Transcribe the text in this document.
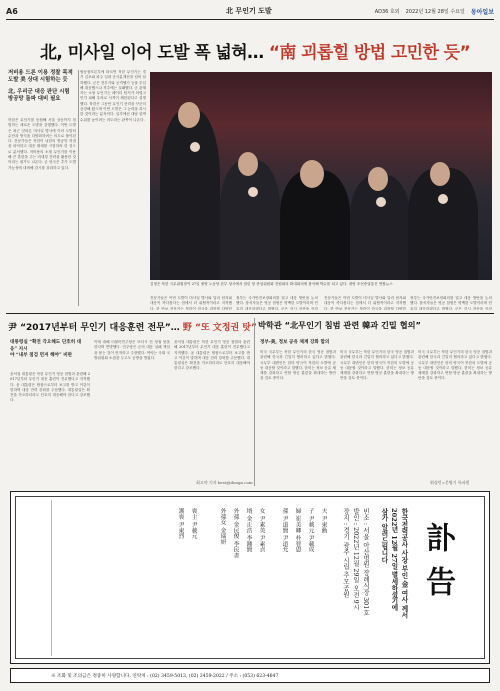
A6	北 무인기 도발	AD36 호외 2022년 12월 28일 수요일 동아일보
北, 미사일 이어 도발 폭 넓혀… “南 괴롭힐 방법 고민한 듯”
저비용 드론 이용 정찰 목적
도발 美 상대 시험하는 듯
北, 우리군 대응 판단 시험
방공망 돌파 대비 필요
북한은 무인기를 동원해 서울 상공까지 침범하는 새로운 도발을 감행했다. 이번 도발은 최근 잇따른 미사일 발사에 이어 도발의 수단과 방식을 다양화하려는 의도로 풀이된다. 전문가들은 북한이 남한의 방공망 허점을 파악하고 대응 태세를 시험하려 한 것으로 분석했다. 저비용의 소형 무인기를 이용해 큰 혼란을 주는 비대칭 전력을 활용한 것이라는 평가도 나온다. 군 당국은 추가 도발 가능성에 대비해 감시를 강화하고 있다.
합동참모본부에 따르면 북한 무인기는 경기 김포와 파주 일대 군사분계선을 넘어 남하했다. 군은 전투기와 공격헬기 등을 투입해 대응했으나 격추에는 실패했다. 군 관계자는 소형 무인기는 레이더 탐지가 어렵고 민가 피해 우려로 사격이 제한된다고 설명했다. 북한은 그동안 무인기 전력을 꾸준히 증강해 왔으며 이번 도발은 그 능력을 과시한 것이라는 분석이다. 일각에선 대남 압박 수위를 높이려는 의도라는 관측이 나온다.
김정은 북한 국무위원장이 27일 평양 노동당 본부 청사에서 열린 당 중앙위원회 전원회의 확대회의에 참석해 박수를 치고 있다. 평양 조선중앙통신 연합뉴스
전문가들은 이번 도발이 미사일 발사와 달리 탐지와 대응이 까다롭다는 점에서 더 위협적이라고 지적했다. 한 안보 전문가는 북한이 한국을 괴롭힐 다양한
정부는 국가안전보장회의를 열고 대응 방안을 논의했다. 참석자들은 영공 침범은 명백한 도발이라며 단호히 대응하겠다고 밝혔다. 군은 감시 자산을 증강
전문가들은 이번 도발이 미사일 발사와 달리 탐지와 대응이 까다롭다는 점에서 더 위협적이라고 지적했다. 한 안보 전문가는 북한이 한국을 괴롭힐 다양한
정부는 국가안전보장회의를 열고 대응 방안을 논의했다. 참석자들은 영공 침범은 명백한 도발이라며 단호히 대응하겠다고 밝혔다. 군은 감시 자산을 증강
尹 “2017년부터 무인기 대응훈련 전무”… 野 “또 文정권 탓”
대통령실 “확전 각오해도 단호히 대응” 지시
야 “내부 점검 먼저 해야” 비판
윤석열 대통령은 북한 무인기 영공 침범과 관련해 2017년부터 무인기 대응 훈련이 전무했다고 지적했다. 윤 대통령은 합참으로부터 보고를 받고 이같이 말하며 대응 전력 강화를 주문했다. 대통령실은 확전을 각오하더라도 단호히 대응해야 한다고 강조했다.
이에 대해 더불어민주당은 또다시 전 정권 탓을 한다며 반발했다. 민주당은 군의 대응 실패 책임을 묻는 것이 먼저라고 주장했다. 여야는 국회 국방위원회 소집을 두고도 공방을 벌였다.
윤석열 대통령은 북한 무인기 영공 침범과 관련해 2017년부터 무인기 대응 훈련이 전무했다고 지적했다. 윤 대통령은 합참으로부터 보고를 받고 이같이 말하며 대응 전력 강화를 주문했다. 대통령실은 확전을 각오하더라도 단호히 대응해야 한다고 강조했다.
최고야 기자 best@donga.com
박학관 “北무인기 침범 관련 韓과 긴밀 협의”
정부-美, 정보 공유 체계 강화 합의
미국 국무부는 북한 무인기의 한국 영공 침범과 관련해 한국과 긴밀히 협의하고 있다고 밝혔다. 국무부 대변인은 한미 양국이 북한의 도발에 공동 대응할 것이라고 말했다. 한미는 정보 공유 체계를 강화하고 연합 방공 훈련을 확대하는 방안을 검토 중이다.
미국 국무부는 북한 무인기의 한국 영공 침범과 관련해 한국과 긴밀히 협의하고 있다고 밝혔다. 국무부 대변인은 한미 양국이 북한의 도발에 공동 대응할 것이라고 말했다. 한미는 정보 공유 체계를 강화하고 연합 방공 훈련을 확대하는 방안을 검토 중이다.
미국 국무부는 북한 무인기의 한국 영공 침범과 관련해 한국과 긴밀히 협의하고 있다고 밝혔다. 국무부 대변인은 한미 양국이 북한의 도발에 공동 대응할 것이라고 말했다. 한미는 정보 공유 체계를 강화하고 연합 방공 훈련을 확대하는 방안을 검토 중이다.
워싱턴=문병기 특파원
訃告
한국전력공사 사장 부인 金 여사 께서
2022년 12월 27일 별세하셨기에
삼가 알려드립니다
빈소 : 서울 아산병원 장례식장 301호
발인 : 2022년 12월 29일 오전 9시
장지 : 경기 광주 시립 추모공원
夫 尹東勳
子 尹載元 尹載成
婦 崔美卿 朴智恩
孫 尹道賢 尹道允
女 尹素英 尹素貞
壻 金正浩 李鍾賢
外孫 金民俊 李民書
外孫女 金瑞妍
喪主 尹載元
護喪 尹東烈
※ 조화 및 조의금은 정중히 사양합니다. 연락처 : (02) 3459-5013, (02) 3459-2022 / 주소 : (053) 623-4647
